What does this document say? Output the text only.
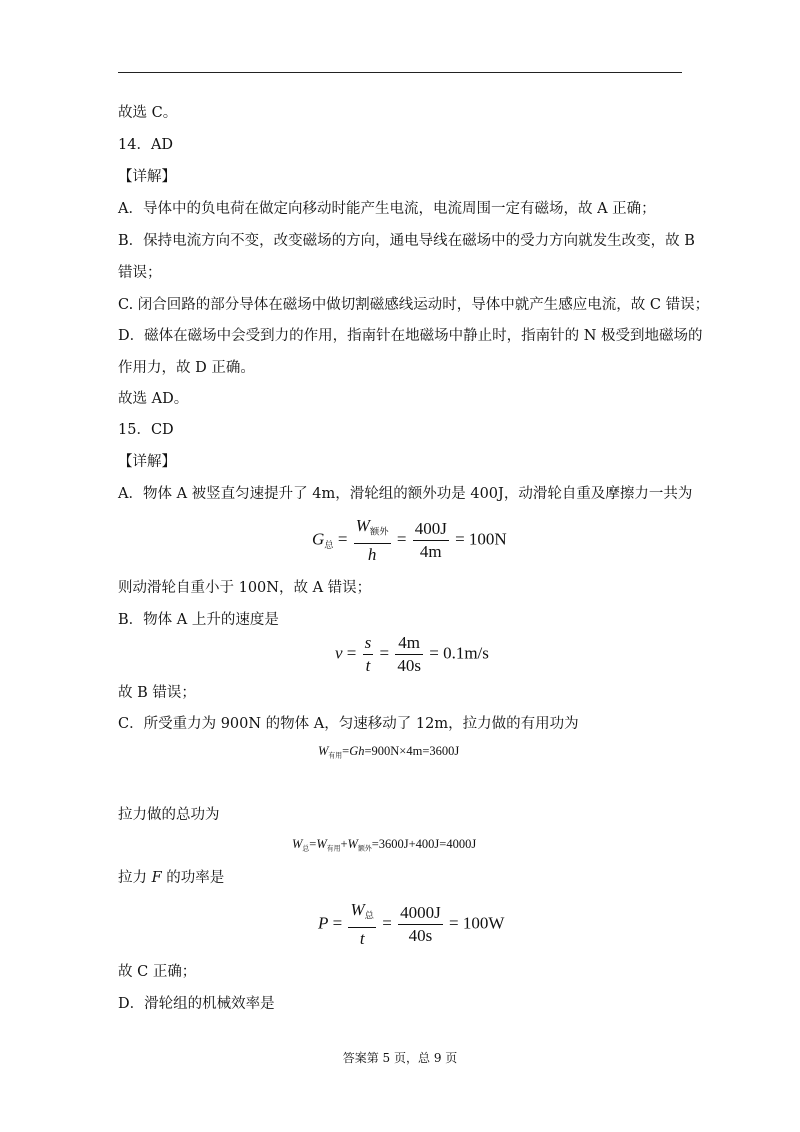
故选 C。
14．AD
【详解】
A．导体中的负电荷在做定向移动时能产生电流，电流周围一定有磁场，故 A 正确；
B．保持电流方向不变，改变磁场的方向，通电导线在磁场中的受力方向就发生改变，故 B
错误；
C. 闭合回路的部分导体在磁场中做切割磁感线运动时，导体中就产生感应电流，故 C 错误；
D．磁体在磁场中会受到力的作用，指南针在地磁场中静止时，指南针的 N 极受到地磁场的
作用力，故 D 正确。
故选 AD。
15．CD
【详解】
A．物体 A 被竖直匀速提升了 4m，滑轮组的额外功是 400J，动滑轮自重及摩擦力一共为
$G_总 = \frac{W_{额外}}{h} = \frac{400J}{4m} = 100N$
则动滑轮自重小于 100N，故 A 错误；
B．物体 A 上升的速度是
$v = \frac{s}{t} = \frac{4m}{40s} = 0.1m/s$
故 B 错误；
C．所受重力为 900N 的物体 A，匀速移动了 12m，拉力做的有用功为
$W_{有用}=Gh=900N\times 4m=3600J$
拉力做的总功为
$W_总=W_{有用}+W_{额外}=3600J+400J=4000J$
拉力 F 的功率是
$P = \frac{W_总}{t} = \frac{4000J}{40s} = 100W$
故 C 正确；
D．滑轮组的机械效率是
答案第 5 页，总 9 页
